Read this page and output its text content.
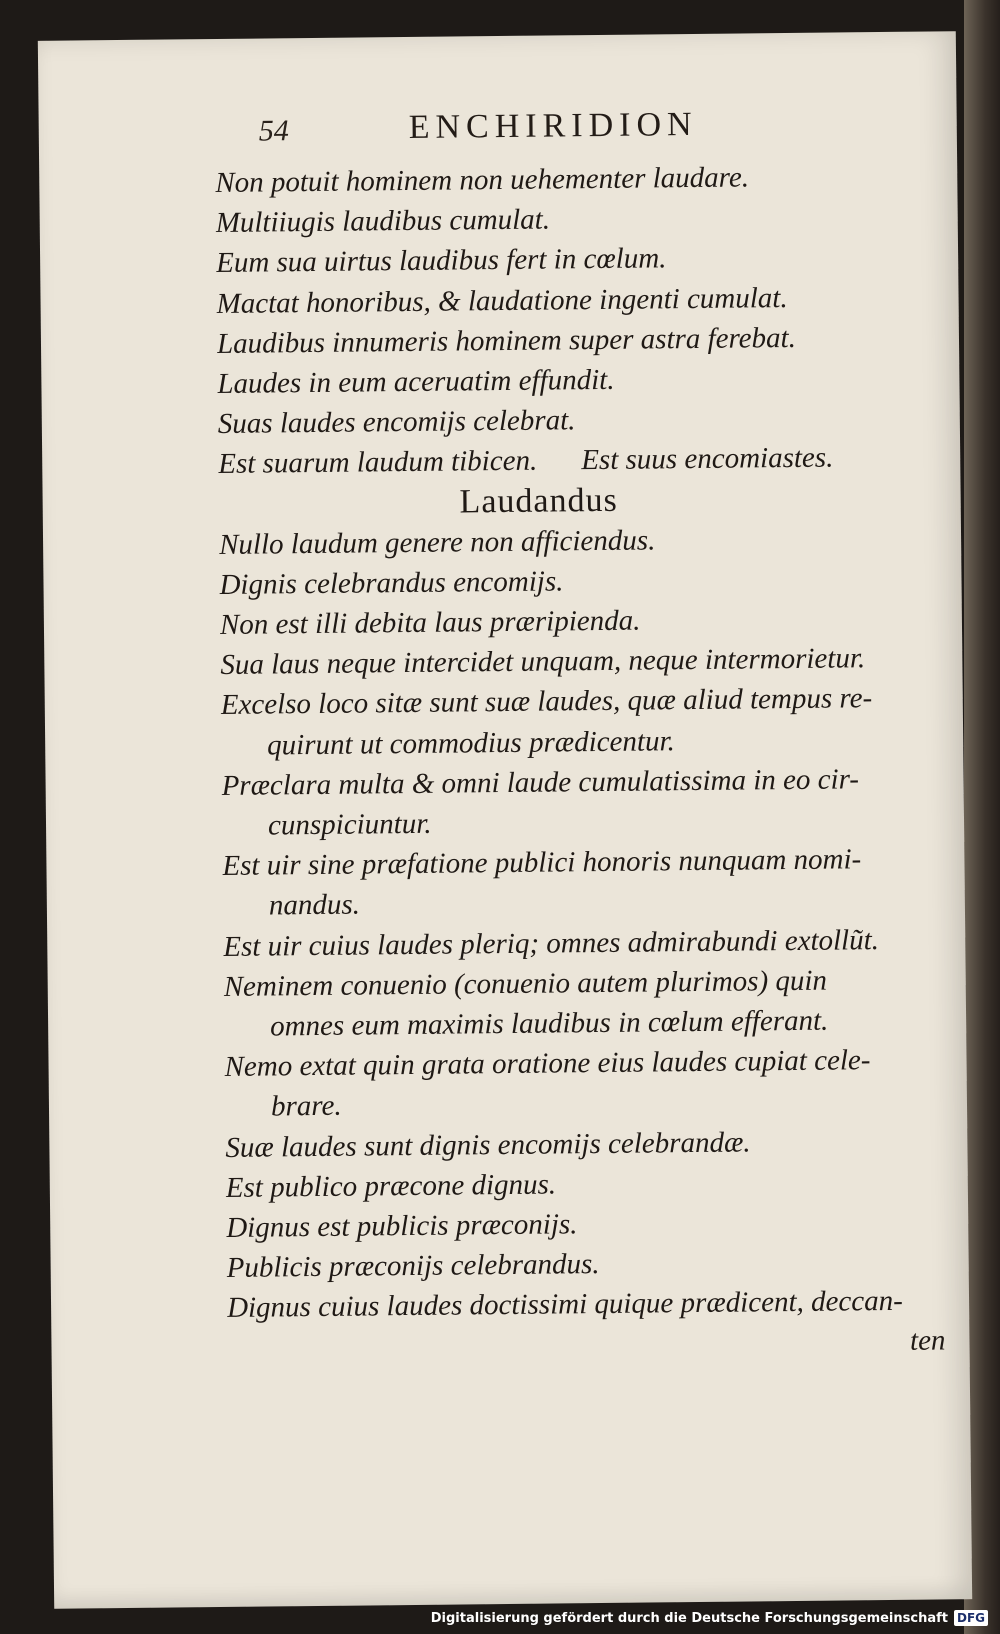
54	ENCHIRIDION
Non potuit hominem non uehementer laudare.
Multiiugis laudibus cumulat.
Eum sua uirtus laudibus fert in cœlum.
Mactat honoribus, & laudatione ingenti cumulat.
Laudibus innumeris hominem super astra ferebat.
Laudes in eum aceruatim effundit.
Suas laudes encomijs celebrat.
Est suarum laudum tibicen. Est suus encomiastes.
Laudandus
Nullo laudum genere non afficiendus.
Dignis celebrandus encomijs.
Non est illi debita laus præripienda.
Sua laus neque intercidet unquam, neque intermorietur.
Excelso loco sitæ sunt suæ laudes, quæ aliud tempus re-
quirunt ut commodius prædicentur.
Præclara multa & omni laude cumulatissima in eo cir-
cunspiciuntur.
Est uir sine præfatione publici honoris nunquam nomi-
nandus.
Est uir cuius laudes pleriq; omnes admirabundi extollũt.
Neminem conuenio (conuenio autem plurimos) quin
omnes eum maximis laudibus in cœlum efferant.
Nemo extat quin grata oratione eius laudes cupiat cele-
brare.
Suæ laudes sunt dignis encomijs celebrandæ.
Est publico præcone dignus.
Dignus est publicis præconijs.
Publicis præconijs celebrandus.
Dignus cuius laudes doctissimi quique prædicent, deccan-
ten
Digitalisierung gefördert durch die Deutsche Forschungsgemeinschaft DFG
